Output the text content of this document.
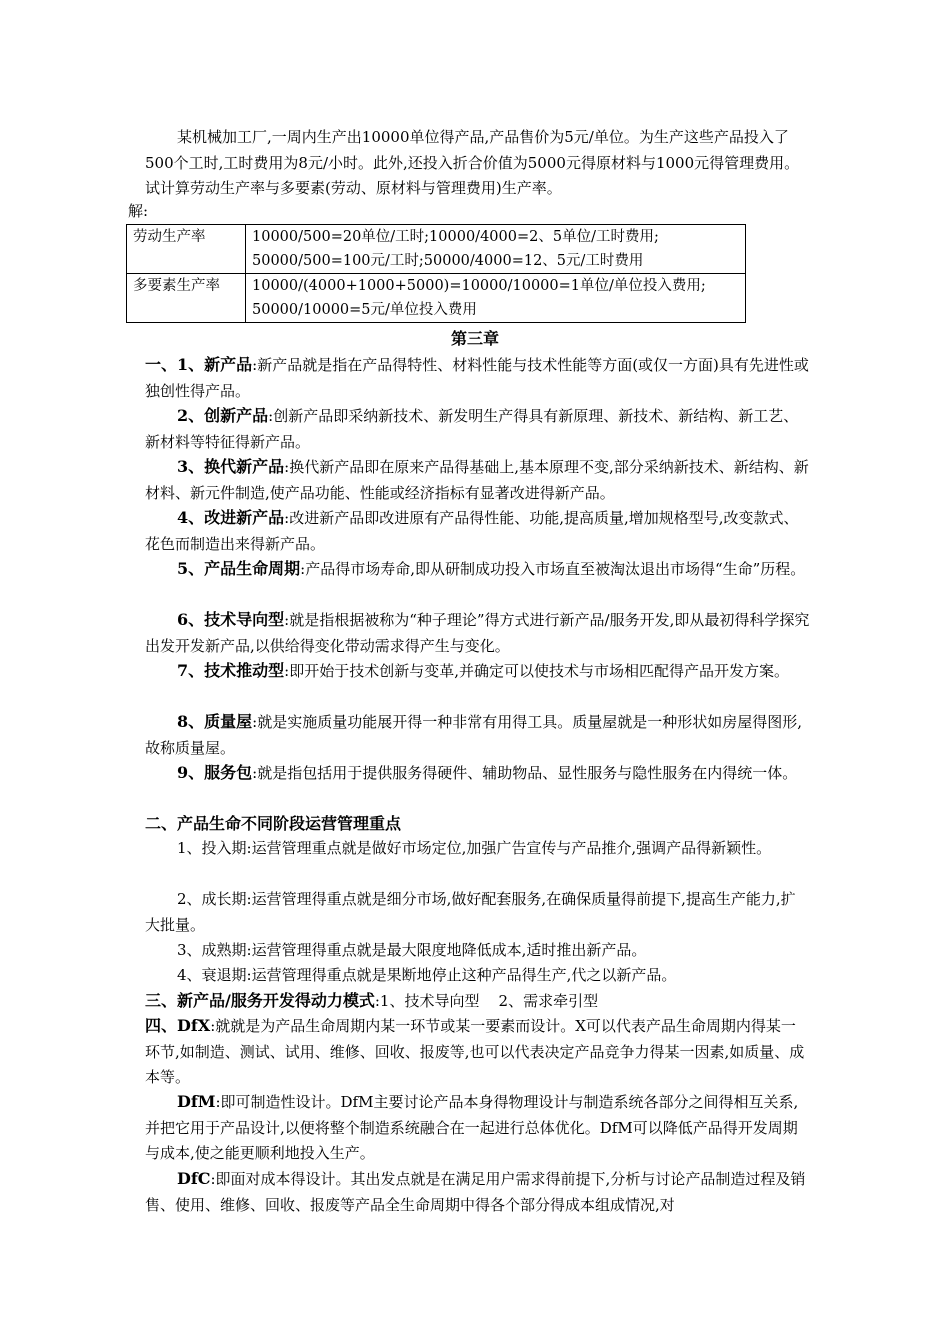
某机械加工厂,一周内生产出10000单位得产品,产品售价为5元/单位。为生产这些产品投入了500个工时,工时费用为8元/小时。此外,还投入折合价值为5000元得原材料与1000元得管理费用。试计算劳动生产率与多要素(劳动、原材料与管理费用)生产率。

解:

劳动生产率	10000/500=20单位/工时;10000/4000=2、5单位/工时费用;
50000/500=100元/工时;50000/4000=12、5元/工时费用

多要素生产率	10000/(4000+1000+5000)=10000/10000=1单位/单位投入费用;
50000/10000=5元/单位投入费用
第三章

一、1、新产品:新产品就是指在产品得特性、材料性能与技术性能等方面(或仅一方面)具有先进性或独创性得产品。

2、创新产品:创新产品即采纳新技术、新发明生产得具有新原理、新技术、新结构、新工艺、新材料等特征得新产品。

3、换代新产品:换代新产品即在原来产品得基础上,基本原理不变,部分采纳新技术、新结构、新材料、新元件制造,使产品功能、性能或经济指标有显著改进得新产品。

4、改进新产品:改进新产品即改进原有产品得性能、功能,提高质量,增加规格型号,改变款式、花色而制造出来得新产品。

5、产品生命周期:产品得市场寿命,即从研制成功投入市场直至被淘汰退出市场得“生命”历程。

6、技术导向型:就是指根据被称为“种子理论”得方式进行新产品/服务开发,即从最初得科学探究出发开发新产品,以供给得变化带动需求得产生与变化。

7、技术推动型:即开始于技术创新与变革,并确定可以使技术与市场相匹配得产品开发方案。

8、质量屋:就是实施质量功能展开得一种非常有用得工具。质量屋就是一种形状如房屋得图形,故称质量屋。

9、服务包:就是指包括用于提供服务得硬件、辅助物品、显性服务与隐性服务在内得统一体。

二、产品生命不同阶段运营管理重点

1、投入期:运营管理重点就是做好市场定位,加强广告宣传与产品推介,强调产品得新颖性。

2、成长期:运营管理得重点就是细分市场,做好配套服务,在确保质量得前提下,提高生产能力,扩大批量。

3、成熟期:运营管理得重点就是最大限度地降低成本,适时推出新产品。

4、衰退期:运营管理得重点就是果断地停止这种产品得生产,代之以新产品。

三、新产品/服务开发得动力模式:1、技术导向型    2、需求牵引型

四、DfX:就就是为产品生命周期内某一环节或某一要素而设计。X可以代表产品生命周期内得某一环节,如制造、测试、试用、维修、回收、报废等,也可以代表决定产品竞争力得某一因素,如质量、成本等。

DfM:即可制造性设计。DfM主要讨论产品本身得物理设计与制造系统各部分之间得相互关系,并把它用于产品设计,以便将整个制造系统融合在一起进行总体优化。DfM可以降低产品得开发周期与成本,使之能更顺利地投入生产。

DfC:即面对成本得设计。其出发点就是在满足用户需求得前提下,分析与讨论产品制造过程及销售、使用、维修、回收、报废等产品全生命周期中得各个部分得成本组成情况,对
